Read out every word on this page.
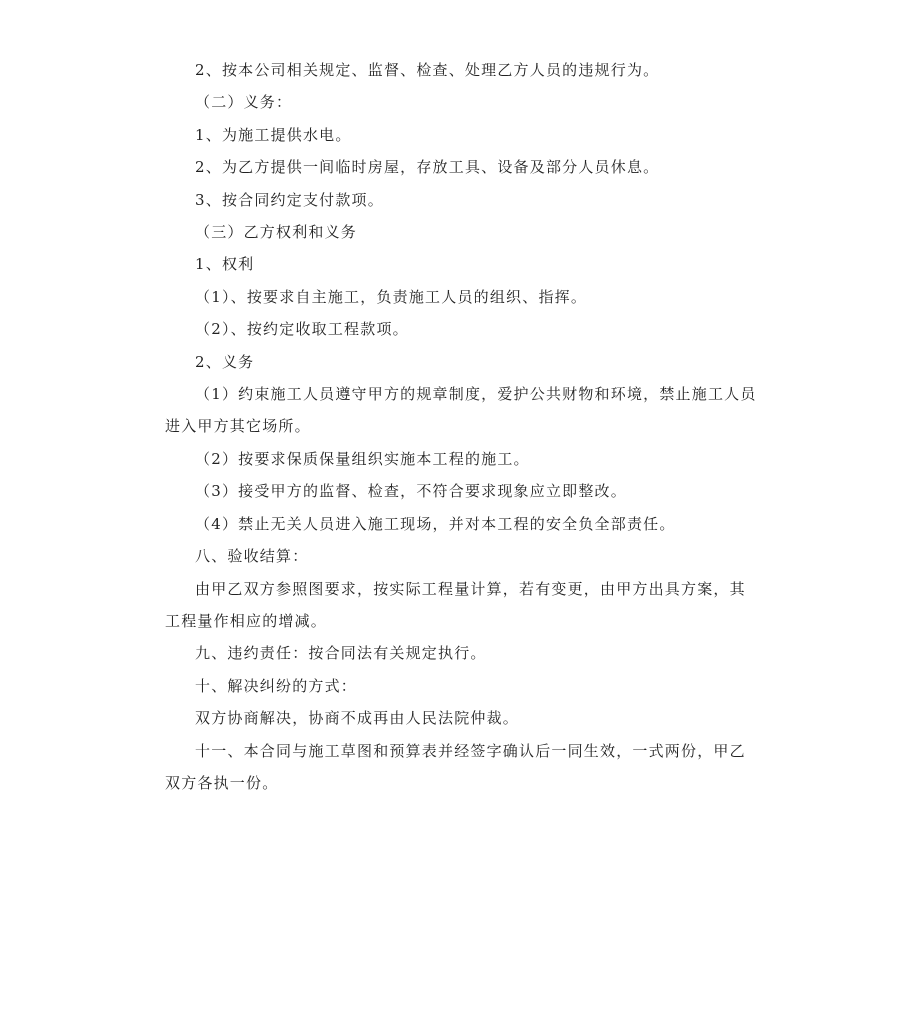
2、按本公司相关规定、监督、检查、处理乙方人员的违规行为。

（二）义务：

1、为施工提供水电。

2、为乙方提供一间临时房屋，存放工具、设备及部分人员休息。

3、按合同约定支付款项。

（三）乙方权利和义务

1、权利

（1）、按要求自主施工，负责施工人员的组织、指挥。

（2）、按约定收取工程款项。

2、义务

（1）约束施工人员遵守甲方的规章制度，爱护公共财物和环境，禁止施工人员进入甲方其它场所。

（2）按要求保质保量组织实施本工程的施工。

（3）接受甲方的监督、检查，不符合要求现象应立即整改。

（4）禁止无关人员进入施工现场，并对本工程的安全负全部责任。

八、验收结算：

由甲乙双方参照图要求，按实际工程量计算，若有变更，由甲方出具方案，其工程量作相应的增减。

九、违约责任：按合同法有关规定执行。

十、解决纠纷的方式：

双方协商解决，协商不成再由人民法院仲裁。

十一、本合同与施工草图和预算表并经签字确认后一同生效，一式两份，甲乙双方各执一份。
